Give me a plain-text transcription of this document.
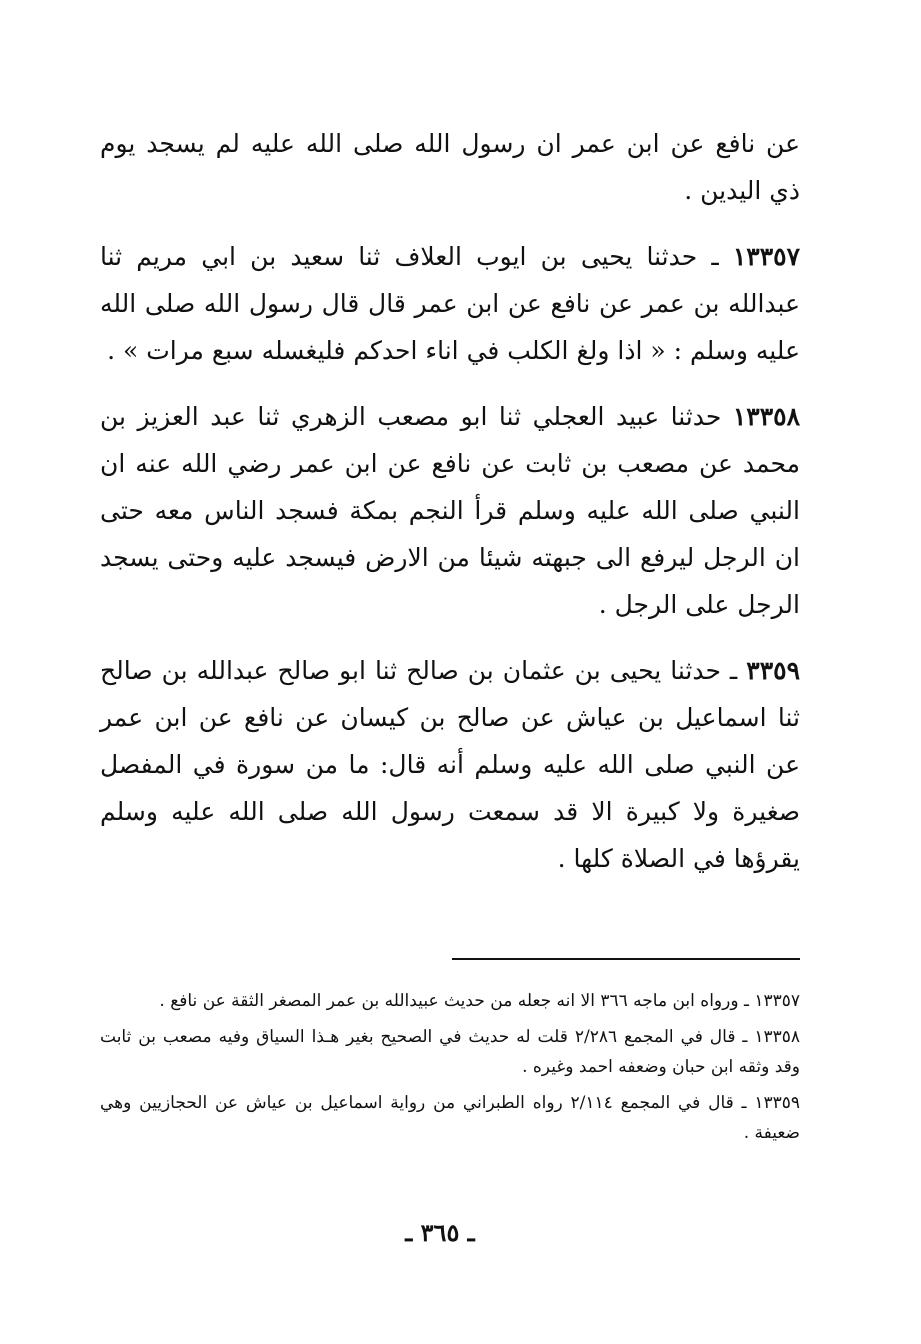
عن نافع عن ابن عمر ان رسول الله صلى الله عليه لم يسجد يوم ذي اليدين .

١٣٣٥٧ ـ حدثنا يحيى بن ايوب العلاف ثنا سعيد بن ابي مريم ثنا عبدالله بن عمر عن نافع عن ابن عمر قال قال رسول الله صلى الله عليه وسلم : « اذا ولغ الكلب في اناء احدكم فليغسله سبع مرات » .

١٣٣٥٨ حدثنا عبيد العجلي ثنا ابو مصعب الزهري ثنا عبد العزيز بن محمد عن مصعب بن ثابت عن نافع عن ابن عمر رضي الله عنه ان النبي صلى الله عليه وسلم قرأ النجم بمكة فسجد الناس معه حتى ان الرجل ليرفع الى جبهته شيئا من الارض فيسجد عليه وحتى يسجد الرجل على الرجل .

٣٣٥٩ ـ حدثنا يحيى بن عثمان بن صالح ثنا ابو صالح عبدالله بن صالح ثنا اسماعيل بن عياش عن صالح بن كيسان عن نافع عن ابن عمر عن النبي صلى الله عليه وسلم أنه قال: ما من سورة في المفصل صغيرة ولا كبيرة الا قد سمعت رسول الله صلى الله عليه وسلم يقرؤها في الصلاة كلها .

١٣٣٥٧ ـ ورواه ابن ماجه ٣٦٦ الا انه جعله من حديث عبيدالله بن عمر المصغر الثقة عن نافع .

١٣٣٥٨ ـ قال في المجمع ٢/٢٨٦ قلت له حديث في الصحيح بغير هـذا السياق وفيه مصعب بن ثابت وقد وثقه ابن حبان وضعفه احمد وغيره .

١٣٣٥٩ ـ قال في المجمع ٢/١١٤ رواه الطبراني من رواية اسماعيل بن عياش عن الحجازيين وهي ضعيفة .

ـ ٣٦٥ ـ
